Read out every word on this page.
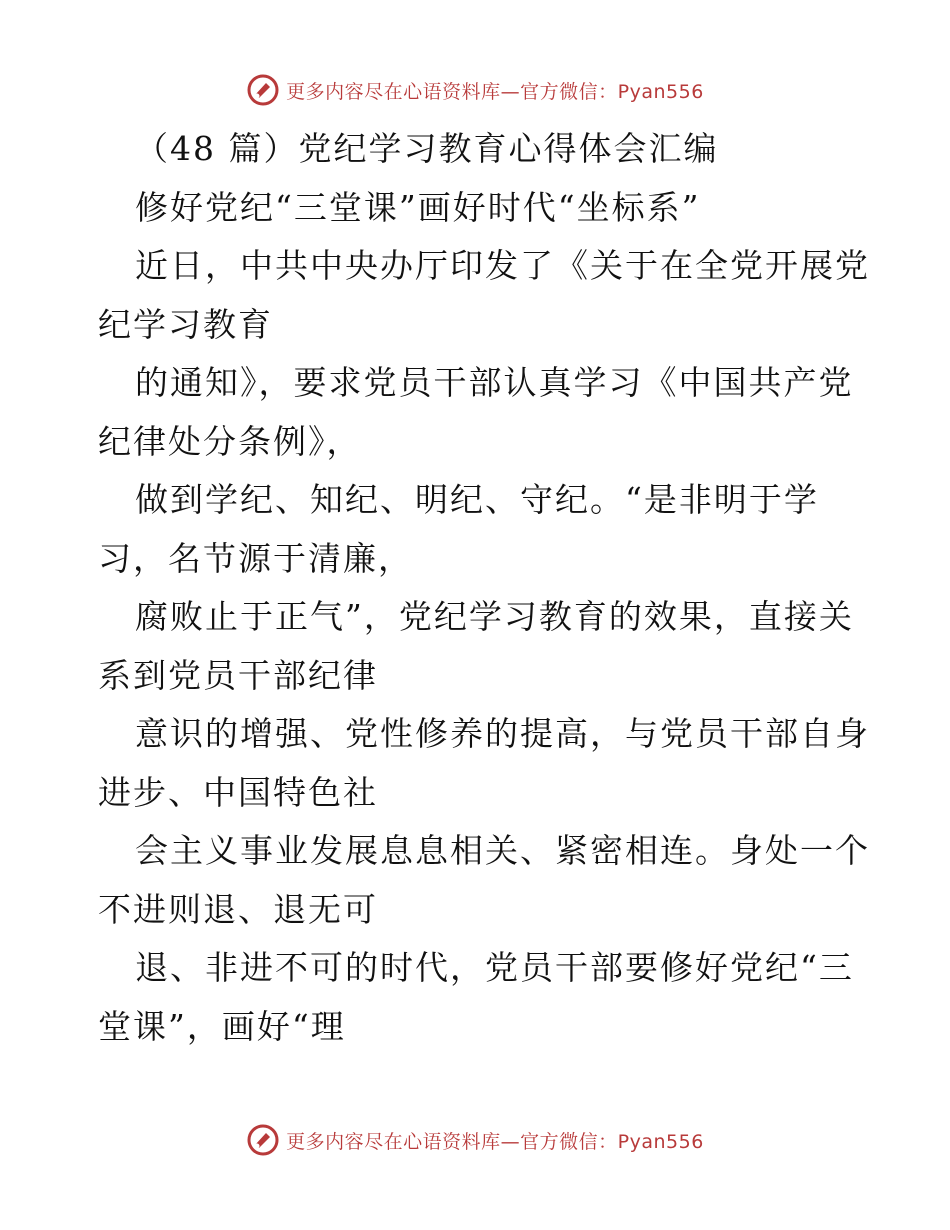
更多内容尽在心语资料库—官方微信：Pyan556
（48 篇）党纪学习教育心得体会汇编
修好党纪“三堂课”画好时代“坐标系”
近日，中共中央办厅印发了《关于在全党开展党
纪学习教育
的通知》，要求党员干部认真学习《中国共产党
纪律处分条例》，
做到学纪、知纪、明纪、守纪。“是非明于学
习，名节源于清廉，
腐败止于正气”，党纪学习教育的效果，直接关
系到党员干部纪律
意识的增强、党性修养的提高，与党员干部自身
进步、中国特色社
会主义事业发展息息相关、紧密相连。身处一个
不进则退、退无可
退、非进不可的时代，党员干部要修好党纪“三
堂课”，画好“理
更多内容尽在心语资料库—官方微信：Pyan556
